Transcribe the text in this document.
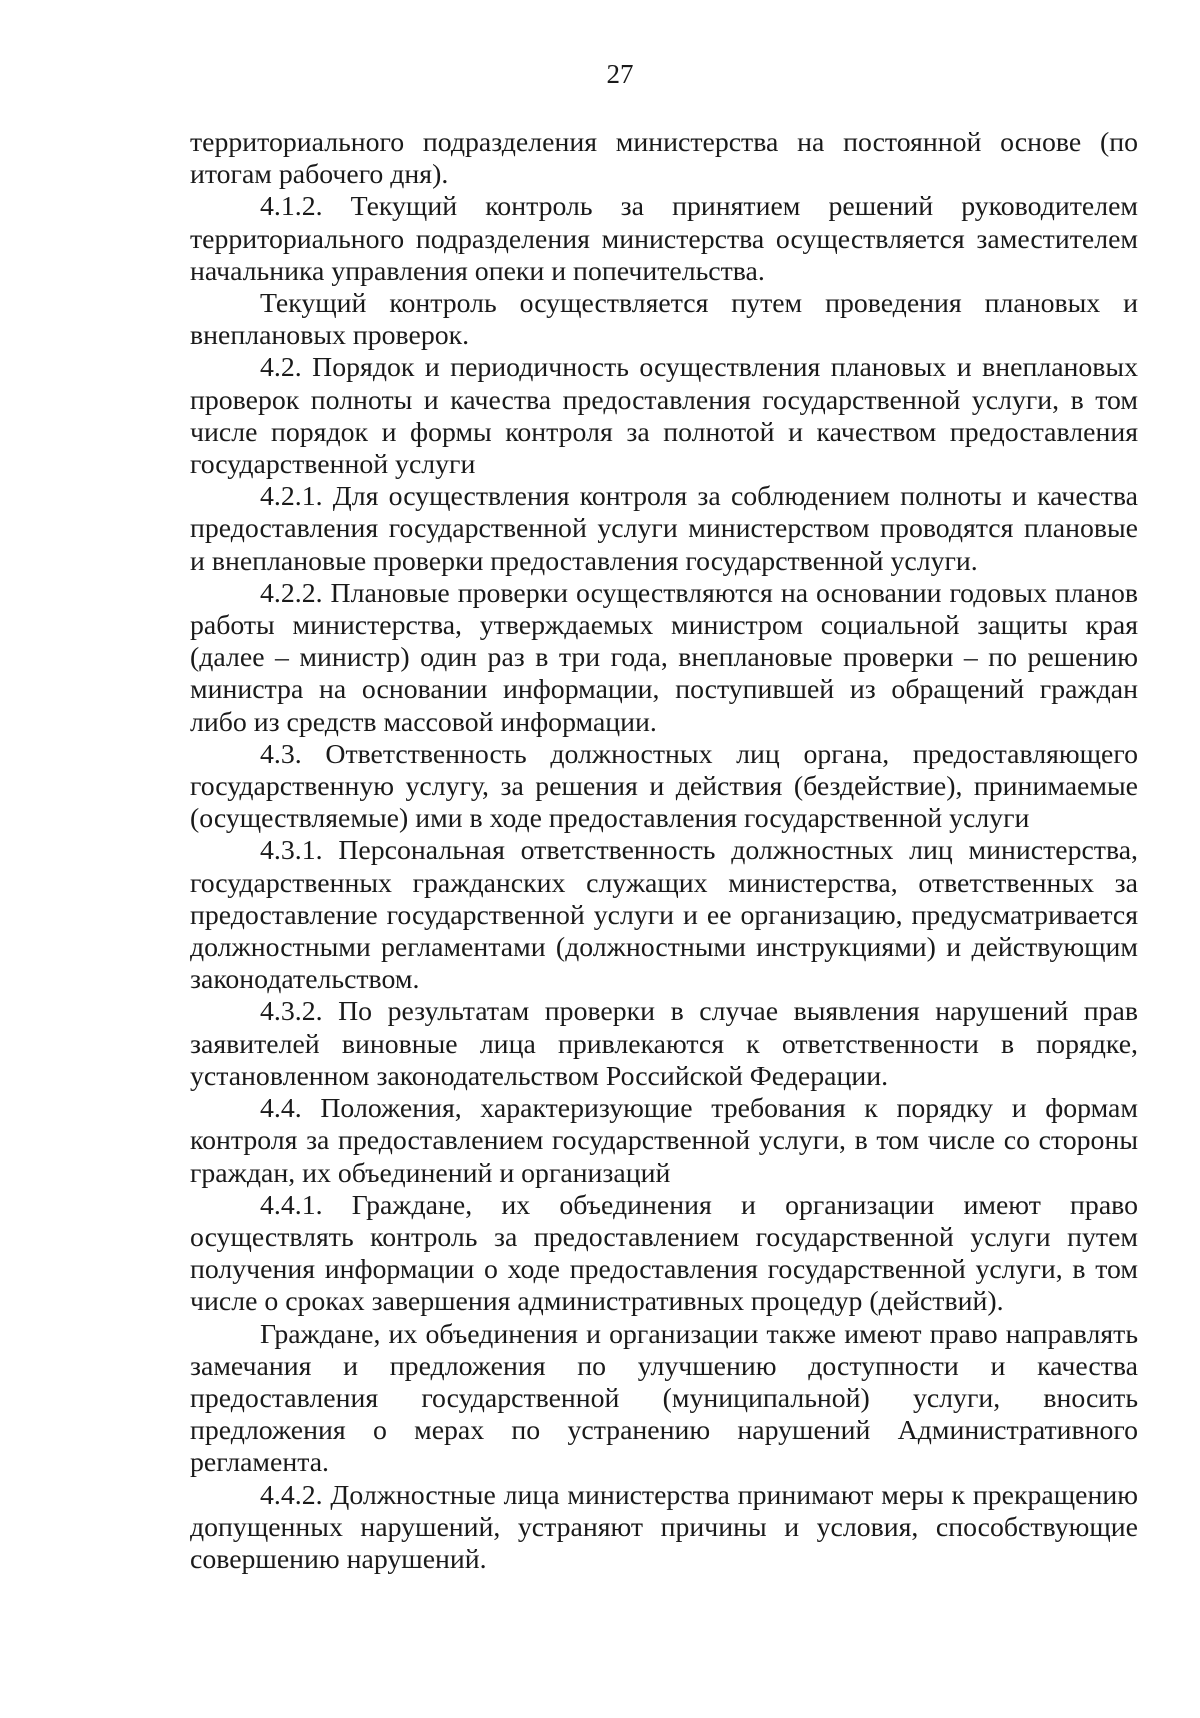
27

территориального подразделения министерства на постоянной основе (по итогам рабочего дня).

4.1.2. Текущий контроль за принятием решений руководителем территориального подразделения министерства осуществляется заместителем начальника управления опеки и попечительства.

Текущий контроль осуществляется путем проведения плановых и внеплановых проверок.

4.2. Порядок и периодичность осуществления плановых и внеплановых проверок полноты и качества предоставления государственной услуги, в том числе порядок и формы контроля за полнотой и качеством предоставления государственной услуги

4.2.1. Для осуществления контроля за соблюдением полноты и качества предоставления государственной услуги министерством проводятся плановые и внеплановые проверки предоставления государственной услуги.

4.2.2. Плановые проверки осуществляются на основании годовых планов работы министерства, утверждаемых министром социальной защиты края (далее – министр) один раз в три года, внеплановые проверки – по решению министра на основании информации, поступившей из обращений граждан либо из средств массовой информации.

4.3. Ответственность должностных лиц органа, предоставляющего государственную услугу, за решения и действия (бездействие), принимаемые (осуществляемые) ими в ходе предоставления государственной услуги

4.3.1. Персональная ответственность должностных лиц министерства, государственных гражданских служащих министерства, ответственных за предоставление государственной услуги и ее организацию, предусматривается должностными регламентами (должностными инструкциями) и действующим законодательством.

4.3.2. По результатам проверки в случае выявления нарушений прав заявителей виновные лица привлекаются к ответственности в порядке, установленном законодательством Российской Федерации.

4.4. Положения, характеризующие требования к порядку и формам контроля за предоставлением государственной услуги, в том числе со стороны граждан, их объединений и организаций

4.4.1. Граждане, их объединения и организации имеют право осуществлять контроль за предоставлением государственной услуги путем получения информации о ходе предоставления государственной услуги, в том числе о сроках завершения административных процедур (действий).

Граждане, их объединения и организации также имеют право направлять замечания и предложения по улучшению доступности и качества предоставления государственной (муниципальной) услуги, вносить предложения о мерах по устранению нарушений Административного регламента.

4.4.2. Должностные лица министерства принимают меры к прекращению допущенных нарушений, устраняют причины и условия, способствующие совершению нарушений.
